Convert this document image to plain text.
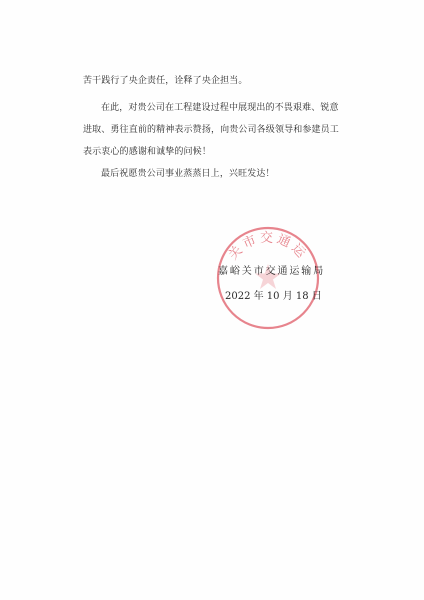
苦干践行了央企责任，诠释了央企担当。
在此，对贵公司在工程建设过程中展现出的不畏艰难、锐意
进取、勇往直前的精神表示赞扬，向贵公司各级领导和参建员工
表示衷心的感谢和诚挚的问候！
最后祝愿贵公司事业蒸蒸日上，兴旺发达！
嘉峪关市交通运输局
2022 年 10 月 18 日
关市交通运
